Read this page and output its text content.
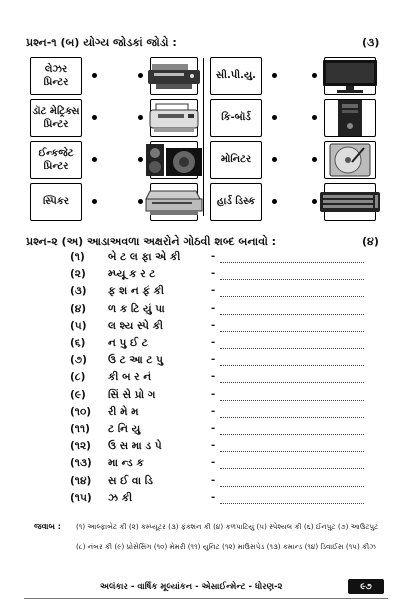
પ્રશ્ન-૧ (બ) યોગ્ય જોડકાં જોડો :	(૩)
લેઝર
પ્રિન્ટર
સી.પી.યુ.
ડૉટ મેટ્રિક્સ
પ્રિન્ટર
કિ-બૉર્ડ
ઈન્કજેટ
પ્રિન્ટર
મોનિટર
સ્પિકર	હાર્ડ ડિસ્ક
પ્રશ્ન-૨ (અ) આડાઅવળા અક્ષરોને ગોઠવી શબ્દ બનાવો :	(૪)
(૧) બે ટ લ ફા એ કી	-
(૨) મ્પ્યૂ ક ર ટ	-
(૩) ફ શ ન ફં કી	-
(૪) ળ ક ટિ યું પા	-
(૫) લ શ્ય સ્પે કી	-
(૬) ન પુ ઈ ટ	-
(૭) ઉ ટ આ ટ પુ	-
(૮) કી બ ર નં	-
(૯) સિં સે પ્રો ગ	-
(૧૦) રી મે મ	-
(૧૧) ટ નિ યુ	-
(૧૨) ઉ સ મા ડ પે	-
(૧૩) મા ન્ડ ક	-
(૧૪) સ ઈ વા ડિ	-
(૧૫) ઝ કી	-
જવાબ : (૧) આલ્ફાબેટ કી (૨) કમ્પ્યૂટર (૩) ફંક્શન કી (૪) કળપાટિયું (૫) સ્પેશ્યલ કી (૬) ઈનપુટ (૭) આઉટપુટ
(૮) નંબર કી (૯) પ્રોસેસિંગ (૧૦) મેમરી (૧૧) યુનિટ (૧૨) માઉસપેડ (૧૩) કમાન્ડ (૧૪) ડિવાઈસ (૧૫) કીઝ
અલંકાર - વાર્ષિક મૂલ્યાંકન - એસાઈન્મેન્ટ - ધોરણ-૨	૯૭
